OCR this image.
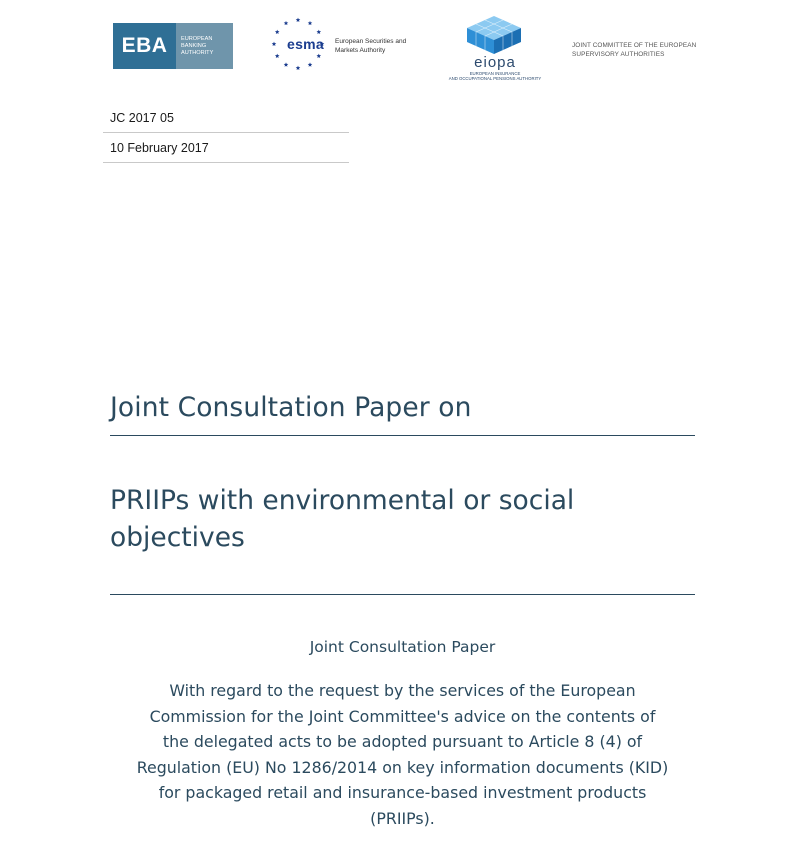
EBA EUROPEAN
BANKING
AUTHORITY
esma European Securities and
Markets Authority
eiopa
EUROPEAN INSURANCE
AND OCCUPATIONAL PENSIONS AUTHORITY
JOINT COMMITTEE OF THE EUROPEAN
SUPERVISORY AUTHORITIES
JC 2017 05
10 February 2017
Joint Consultation Paper on
PRIIPs with environmental or social
objectives
Joint Consultation Paper
With regard to the request by the services of the European
Commission for the Joint Committee's advice on the contents of
the delegated acts to be adopted pursuant to Article 8 (4) of
Regulation (EU) No 1286/2014 on key information documents (KID)
for packaged retail and insurance-based investment products
(PRIIPs).
